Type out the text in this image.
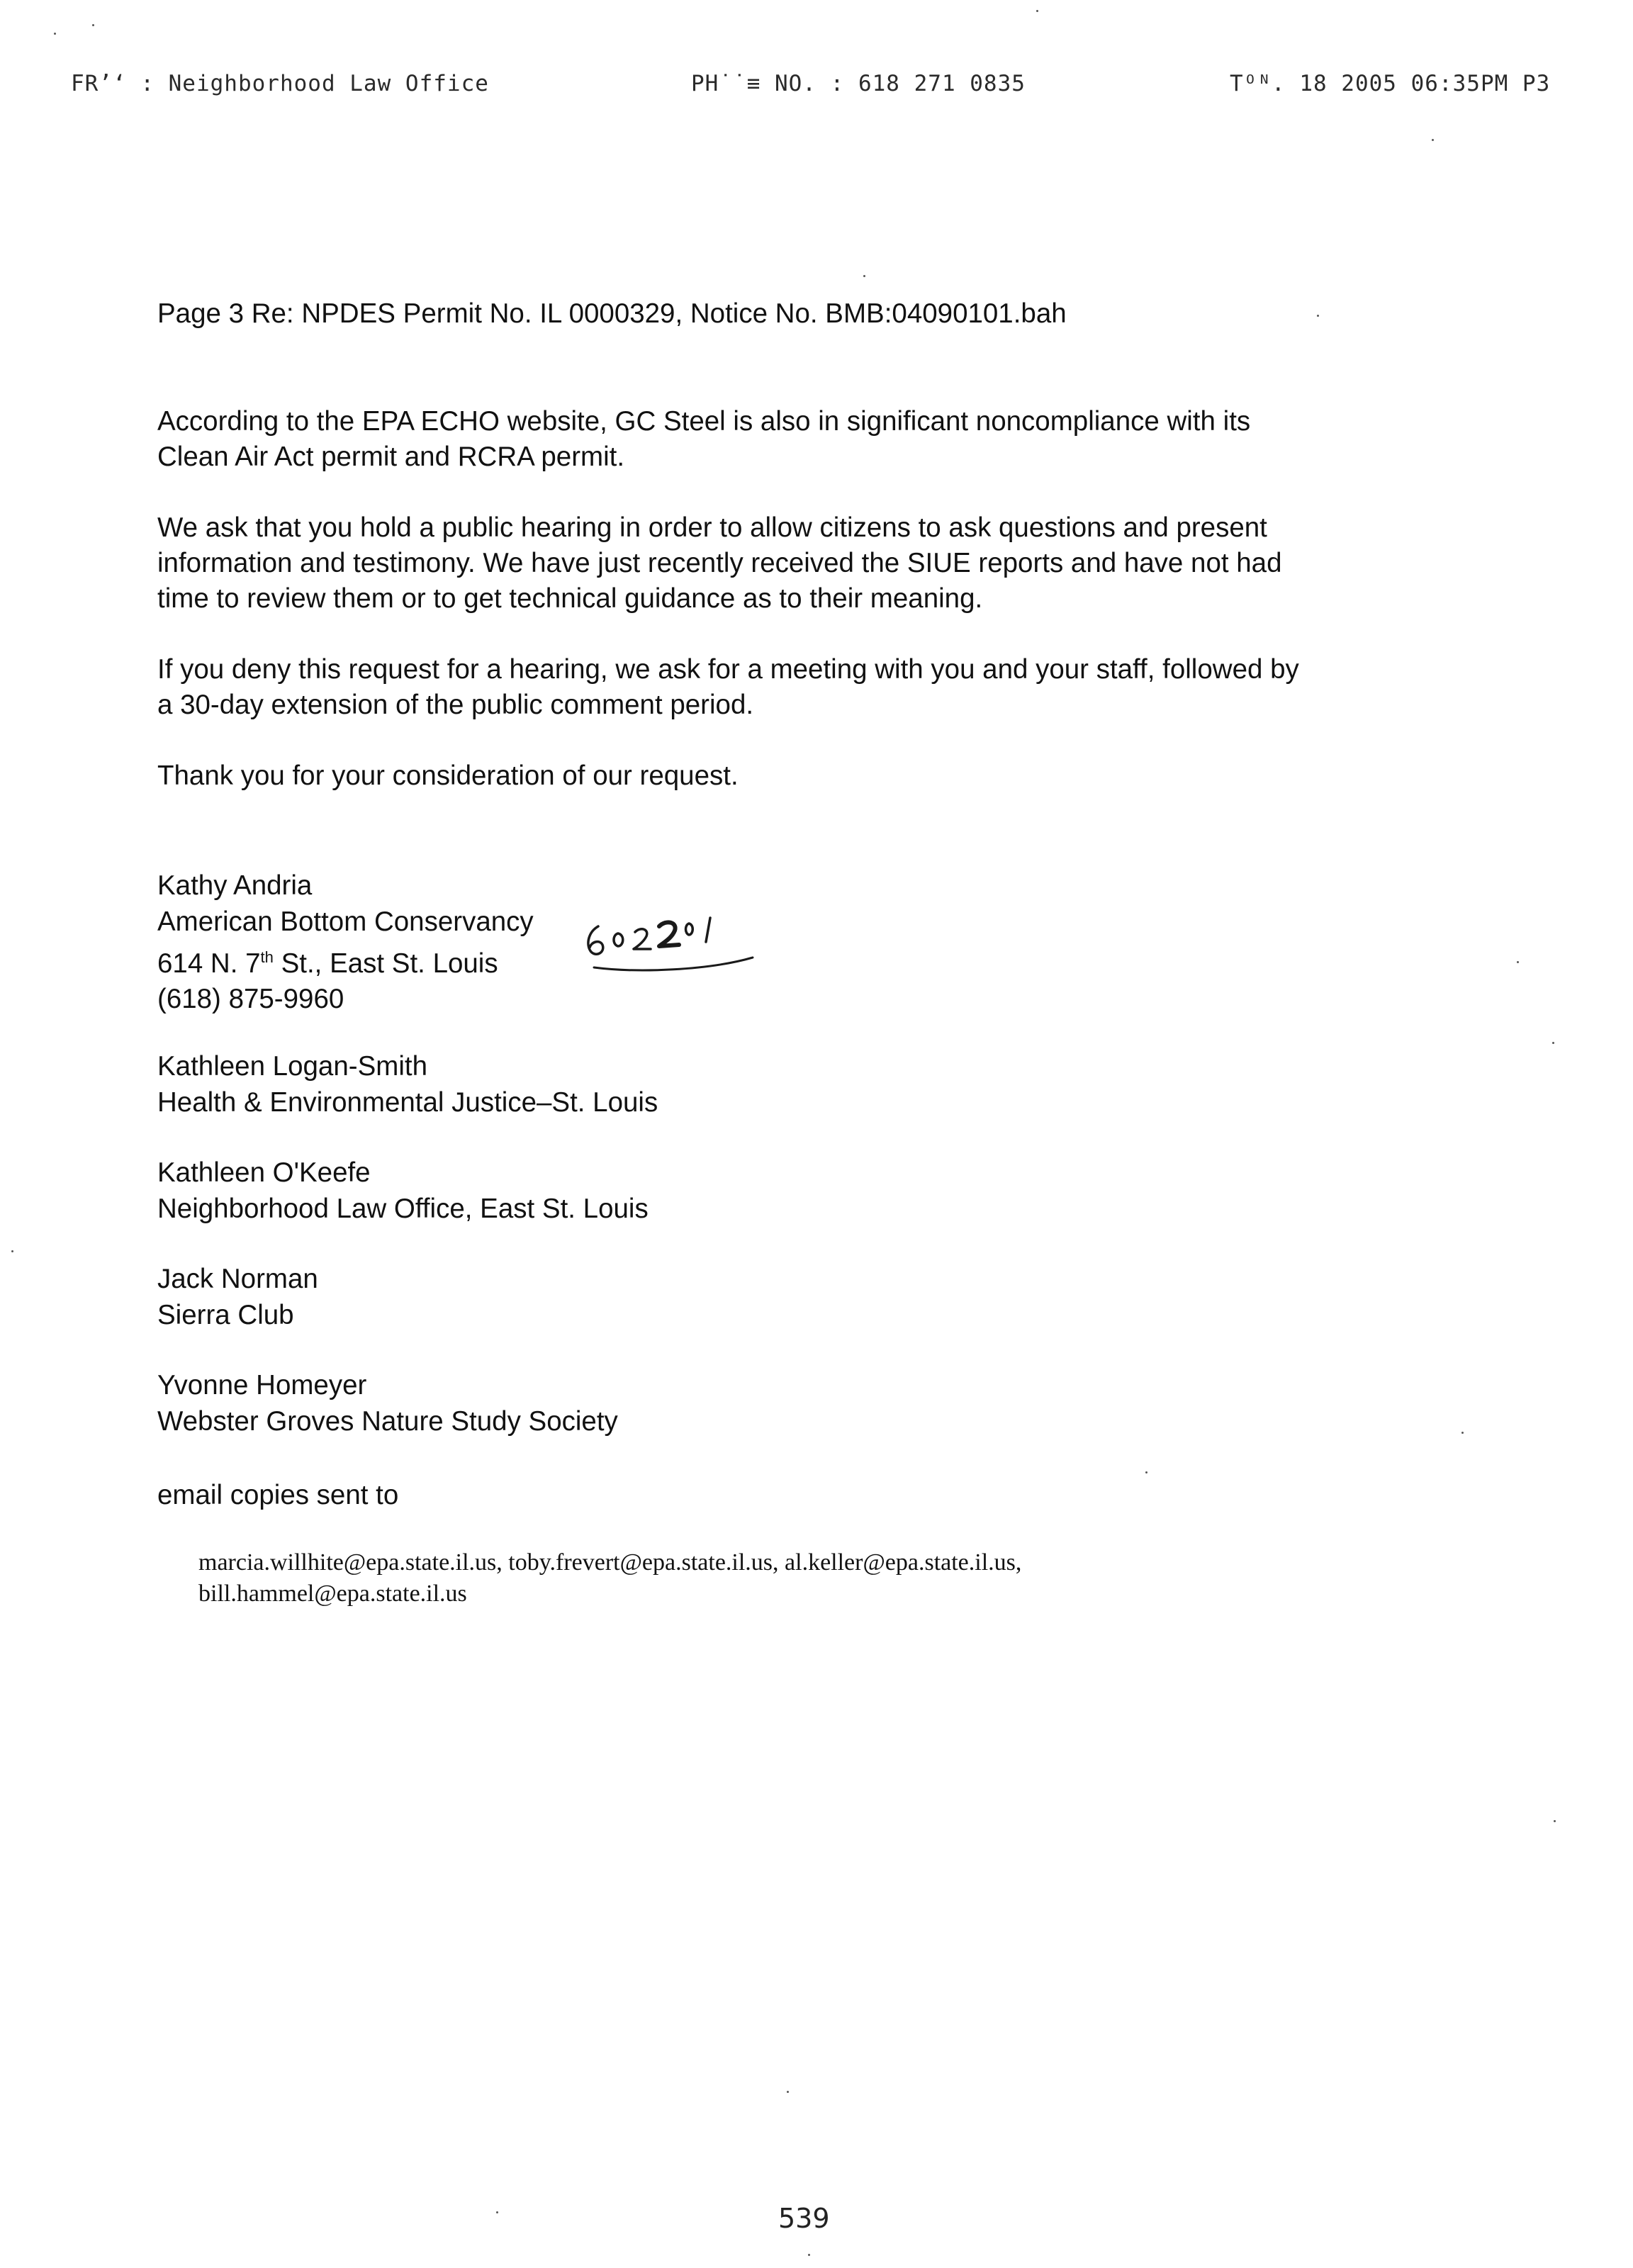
FRʼ‘ : Neighborhood Law Office	PH˙˙≡ NO. : 618 271 0835	Tᴼᴺ. 18 2005 06:35PM P3
Page 3 Re: NPDES Permit No. IL 0000329, Notice No. BMB:04090101.bah
According to the EPA ECHO website, GC Steel is also in significant noncompliance with its
Clean Air Act permit and RCRA permit.
We ask that you hold a public hearing in order to allow citizens to ask questions and present
information and testimony. We have just recently received the SIUE reports and have not had
time to review them or to get technical guidance as to their meaning.
If you deny this request for a hearing, we ask for a meeting with you and your staff, followed by
a 30-day extension of the public comment period.
Thank you for your consideration of our request.
Kathy Andria
American Bottom Conservancy
614 N. 7th St., East St. Louis
(618) 875-9960
Kathleen Logan-Smith
Health & Environmental Justice–St. Louis
Kathleen O'Keefe
Neighborhood Law Office, East St. Louis
Jack Norman
Sierra Club
Yvonne Homeyer
Webster Groves Nature Study Society
email copies sent to
marcia.willhite@epa.state.il.us, toby.frevert@epa.state.il.us, al.keller@epa.state.il.us,
bill.hammel@epa.state.il.us
539
